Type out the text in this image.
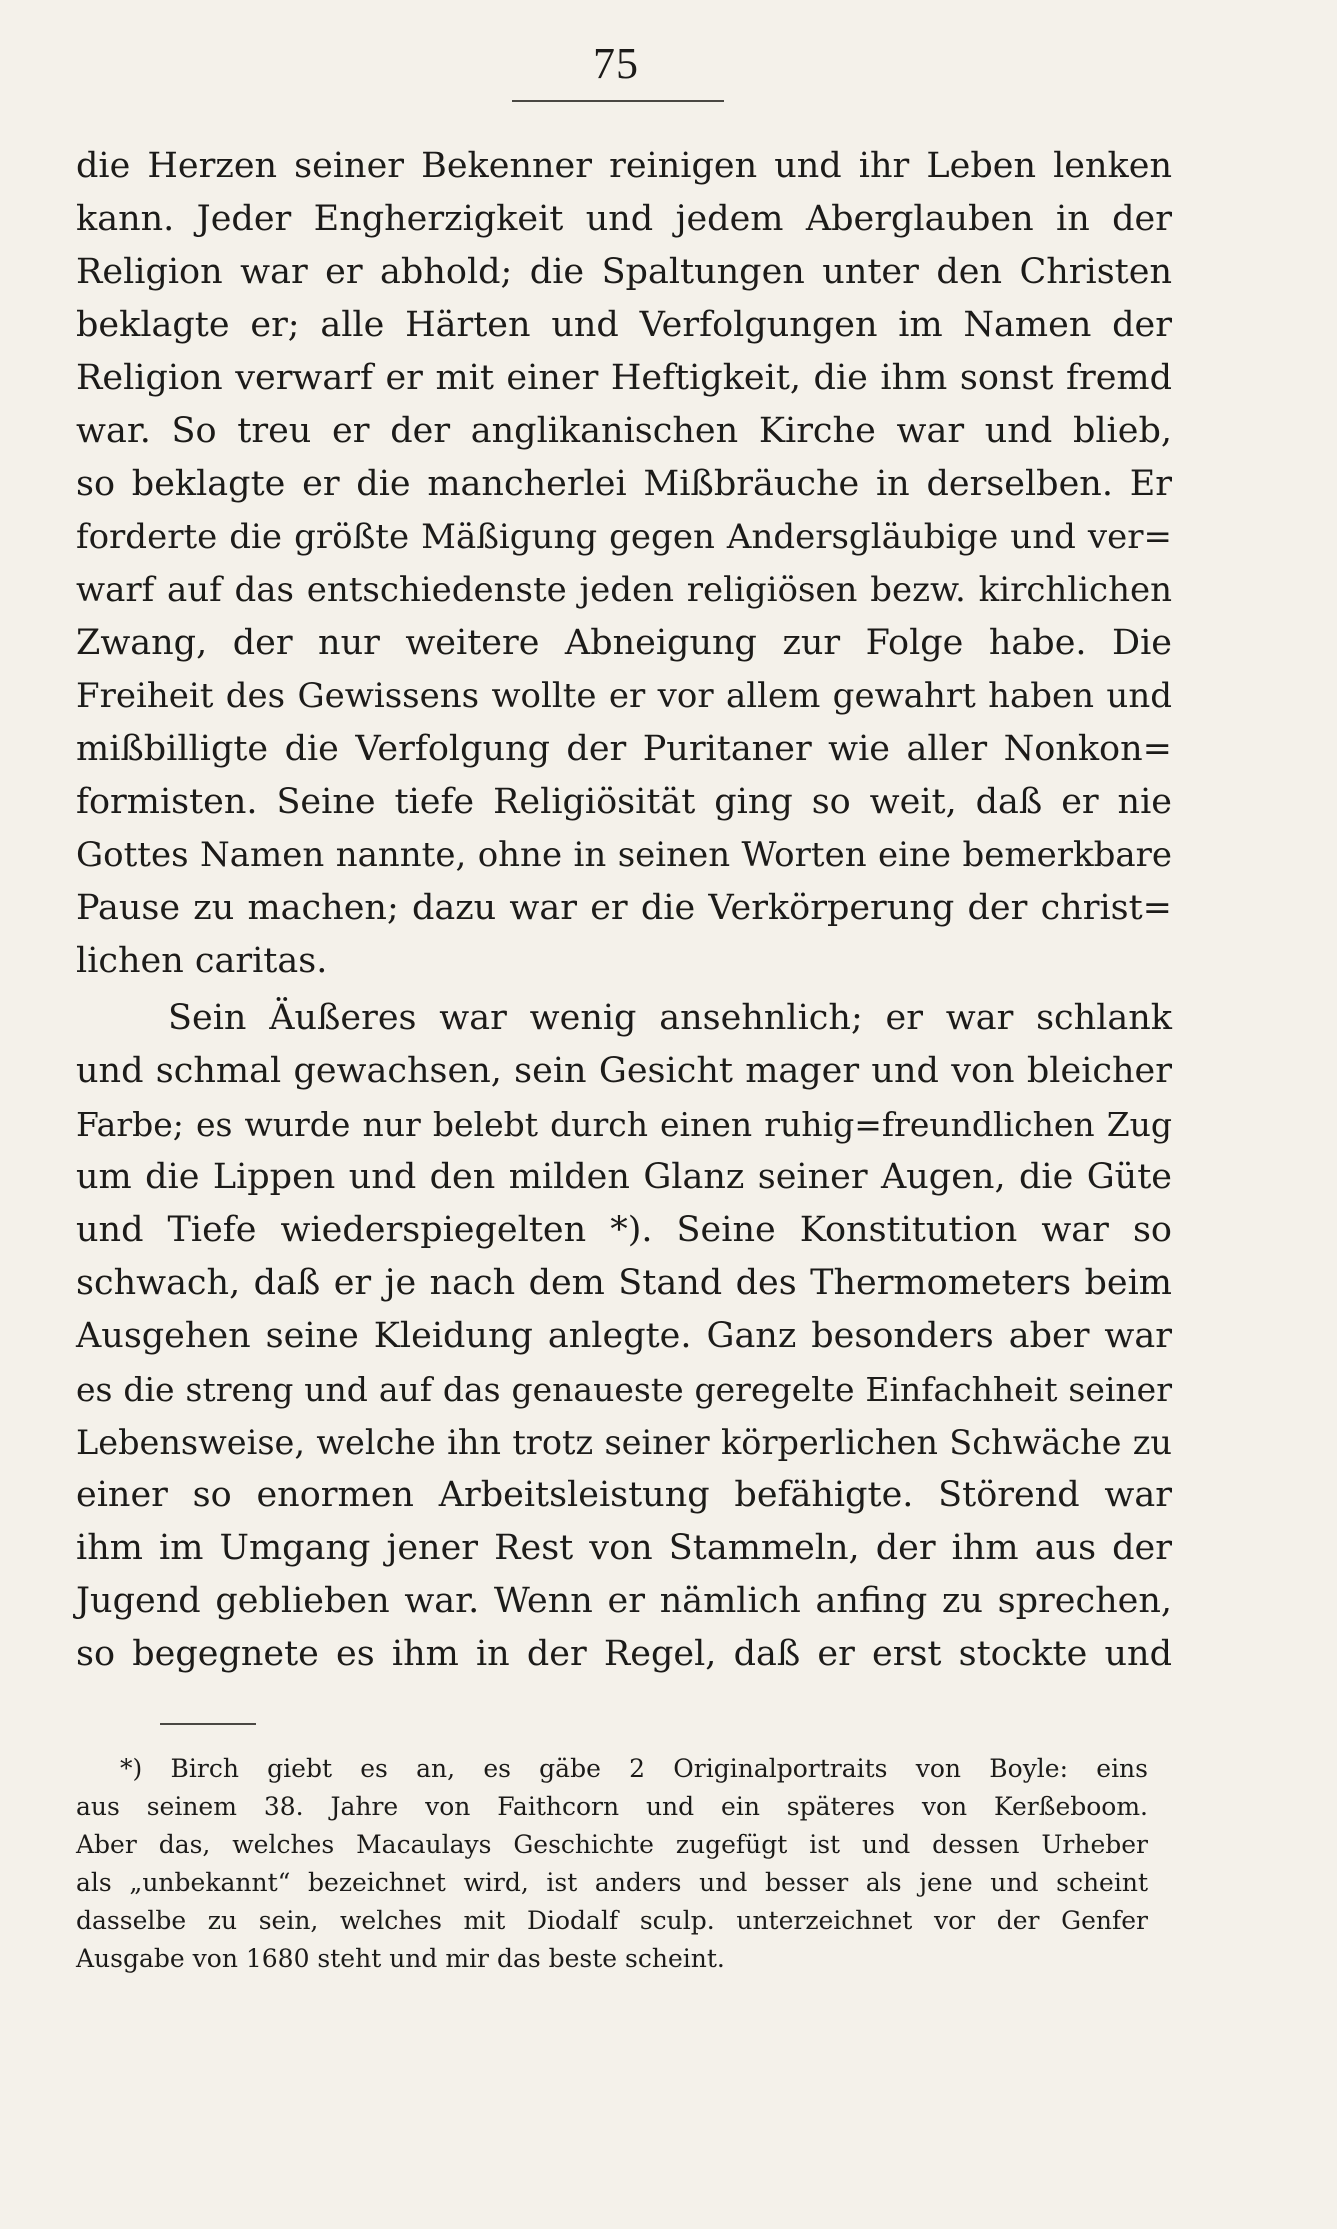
75
die Herzen seiner Bekenner reinigen und ihr Leben lenken
kann. Jeder Engherzigkeit und jedem Aberglauben in der
Religion war er abhold; die Spaltungen unter den Christen
beklagte er; alle Härten und Verfolgungen im Namen der
Religion verwarf er mit einer Heftigkeit, die ihm sonst fremd
war. So treu er der anglikanischen Kirche war und blieb,
so beklagte er die mancherlei Mißbräuche in derselben. Er
forderte die größte Mäßigung gegen Andersgläubige und ver=
warf auf das entschiedenste jeden religiösen bezw. kirchlichen
Zwang, der nur weitere Abneigung zur Folge habe. Die
Freiheit des Gewissens wollte er vor allem gewahrt haben und
mißbilligte die Verfolgung der Puritaner wie aller Nonkon=
formisten. Seine tiefe Religiösität ging so weit, daß er nie
Gottes Namen nannte, ohne in seinen Worten eine bemerkbare
Pause zu machen; dazu war er die Verkörperung der christ=
lichen caritas.
Sein Äußeres war wenig ansehnlich; er war schlank
und schmal gewachsen, sein Gesicht mager und von bleicher
Farbe; es wurde nur belebt durch einen ruhig=freundlichen Zug
um die Lippen und den milden Glanz seiner Augen, die Güte
und Tiefe wiederspiegelten *). Seine Konstitution war so
schwach, daß er je nach dem Stand des Thermometers beim
Ausgehen seine Kleidung anlegte. Ganz besonders aber war
es die streng und auf das genaueste geregelte Einfachheit seiner
Lebensweise, welche ihn trotz seiner körperlichen Schwäche zu
einer so enormen Arbeitsleistung befähigte. Störend war
ihm im Umgang jener Rest von Stammeln, der ihm aus der
Jugend geblieben war. Wenn er nämlich anfing zu sprechen,
so begegnete es ihm in der Regel, daß er erst stockte und
*) Birch giebt es an, es gäbe 2 Originalportraits von Boyle: eins
aus seinem 38. Jahre von Faithcorn und ein späteres von Kerßeboom.
Aber das, welches Macaulays Geschichte zugefügt ist und dessen Urheber
als „unbekannt“ bezeichnet wird, ist anders und besser als jene und scheint
dasselbe zu sein, welches mit Diodalf sculp. unterzeichnet vor der Genfer
Ausgabe von 1680 steht und mir das beste scheint.
